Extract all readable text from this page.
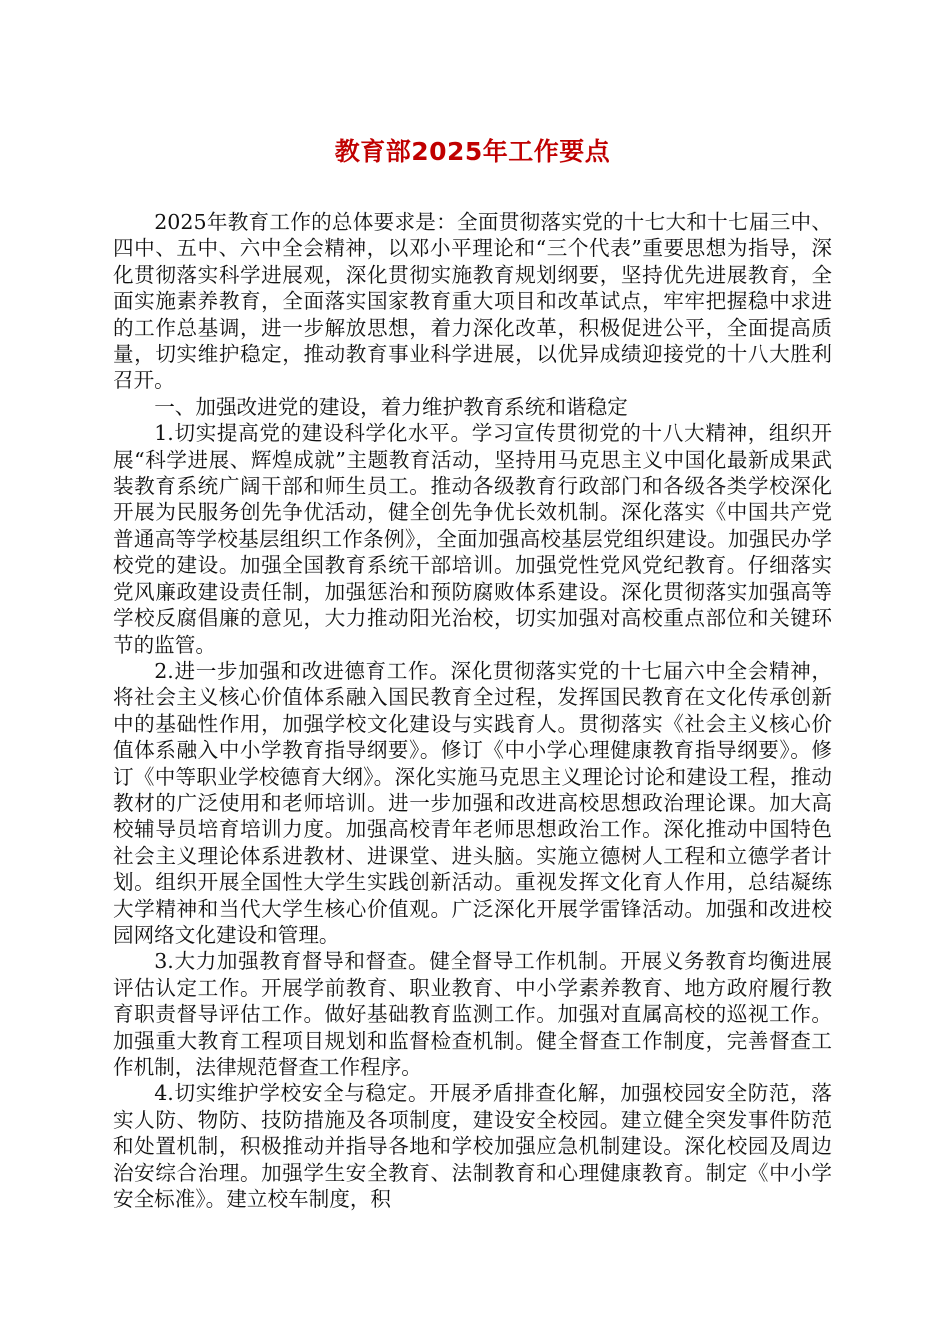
教育部2025年工作要点

2025年教育工作的总体要求是：全面贯彻落实党的十七大和十七届三中、四中、五中、六中全会精神，以邓小平理论和“三个代表”重要思想为指导，深化贯彻落实科学进展观，深化贯彻实施教育规划纲要，坚持优先进展教育，全面实施素养教育，全面落实国家教育重大项目和改革试点，牢牢把握稳中求进的工作总基调，进一步解放思想，着力深化改革，积极促进公平，全面提高质量，切实维护稳定，推动教育事业科学进展，以优异成绩迎接党的十八大胜利召开。

一、加强改进党的建设，着力维护教育系统和谐稳定

1.切实提高党的建设科学化水平。学习宣传贯彻党的十八大精神，组织开展“科学进展、辉煌成就”主题教育活动，坚持用马克思主义中国化最新成果武装教育系统广阔干部和师生员工。推动各级教育行政部门和各级各类学校深化开展为民服务创先争优活动，健全创先争优长效机制。深化落实《中国共产党普通高等学校基层组织工作条例》，全面加强高校基层党组织建设。加强民办学校党的建设。加强全国教育系统干部培训。加强党性党风党纪教育。仔细落实党风廉政建设责任制，加强惩治和预防腐败体系建设。深化贯彻落实加强高等学校反腐倡廉的意见，大力推动阳光治校，切实加强对高校重点部位和关键环节的监管。

2.进一步加强和改进德育工作。深化贯彻落实党的十七届六中全会精神，将社会主义核心价值体系融入国民教育全过程，发挥国民教育在文化传承创新中的基础性作用，加强学校文化建设与实践育人。贯彻落实《社会主义核心价值体系融入中小学教育指导纲要》。修订《中小学心理健康教育指导纲要》。修订《中等职业学校德育大纲》。深化实施马克思主义理论讨论和建设工程，推动教材的广泛使用和老师培训。进一步加强和改进高校思想政治理论课。加大高校辅导员培育培训力度。加强高校青年老师思想政治工作。深化推动中国特色社会主义理论体系进教材、进课堂、进头脑。实施立德树人工程和立德学者计划。组织开展全国性大学生实践创新活动。重视发挥文化育人作用，总结凝练大学精神和当代大学生核心价值观。广泛深化开展学雷锋活动。加强和改进校园网络文化建设和管理。

3.大力加强教育督导和督查。健全督导工作机制。开展义务教育均衡进展评估认定工作。开展学前教育、职业教育、中小学素养教育、地方政府履行教育职责督导评估工作。做好基础教育监测工作。加强对直属高校的巡视工作。加强重大教育工程项目规划和监督检查机制。健全督查工作制度，完善督查工作机制，法律规范督查工作程序。

4.切实维护学校安全与稳定。开展矛盾排查化解，加强校园安全防范，落实人防、物防、技防措施及各项制度，建设安全校园。建立健全突发事件防范和处置机制，积极推动并指导各地和学校加强应急机制建设。深化校园及周边治安综合治理。加强学生安全教育、法制教育和心理健康教育。制定《中小学安全标准》。建立校车制度，积
